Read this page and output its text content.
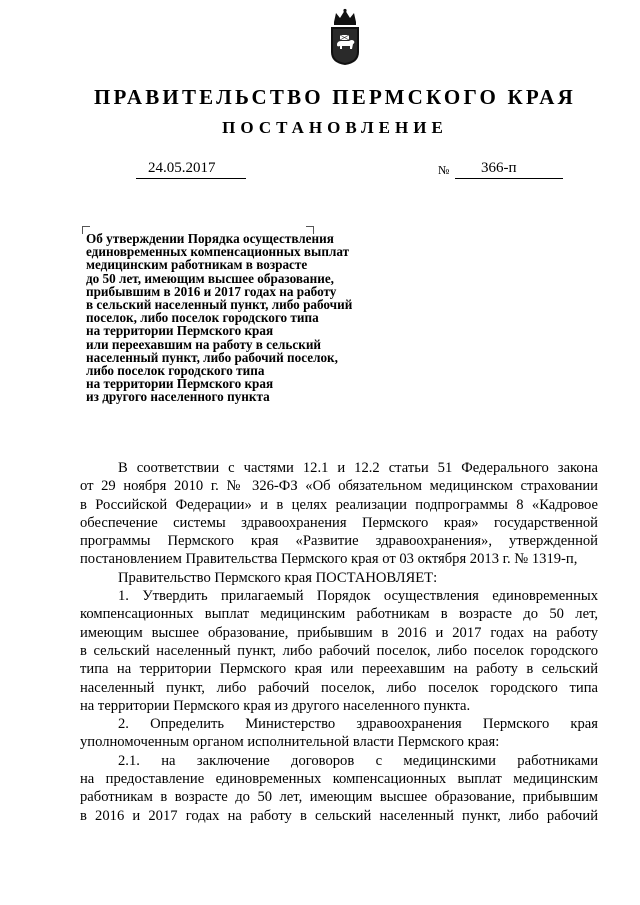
ПРАВИТЕЛЬСТВО ПЕРМСКОГО КРАЯ
ПОСТАНОВЛЕНИЕ
24.05.2017	№ 366-п
Об утверждении Порядка осуществления
единовременных компенсационных выплат
медицинским работникам в возрасте
до 50 лет, имеющим высшее образование,
прибывшим в 2016 и 2017 годах на работу
в сельский населенный пункт, либо рабочий
поселок, либо поселок городского типа
на территории Пермского края
или переехавшим на работу в сельский
населенный пункт, либо рабочий поселок,
либо поселок городского типа
на территории Пермского края
из другого населенного пункта
В соответствии с частями 12.1 и 12.2 статьи 51 Федерального закона
от 29 ноября 2010 г. № 326-ФЗ «Об обязательном медицинском страховании
в Российской Федерации» и в целях реализации подпрограммы 8 «Кадровое
обеспечение системы здравоохранения Пермского края» государственной
программы Пермского края «Развитие здравоохранения», утвержденной
постановлением Правительства Пермского края от 03 октября 2013 г. № 1319-п,
Правительство Пермского края ПОСТАНОВЛЯЕТ:
1. Утвердить прилагаемый Порядок осуществления единовременных
компенсационных выплат медицинским работникам в возрасте до 50 лет,
имеющим высшее образование, прибывшим в 2016 и 2017 годах на работу
в сельский населенный пункт, либо рабочий поселок, либо поселок городского
типа на территории Пермского края или переехавшим на работу в сельский
населенный пункт, либо рабочий поселок, либо поселок городского типа
на территории Пермского края из другого населенного пункта.
2. Определить Министерство здравоохранения Пермского края
уполномоченным органом исполнительной власти Пермского края:
2.1. на заключение договоров с медицинскими работниками
на предоставление единовременных компенсационных выплат медицинским
работникам в возрасте до 50 лет, имеющим высшее образование, прибывшим
в 2016 и 2017 годах на работу в сельский населенный пункт, либо рабочий
